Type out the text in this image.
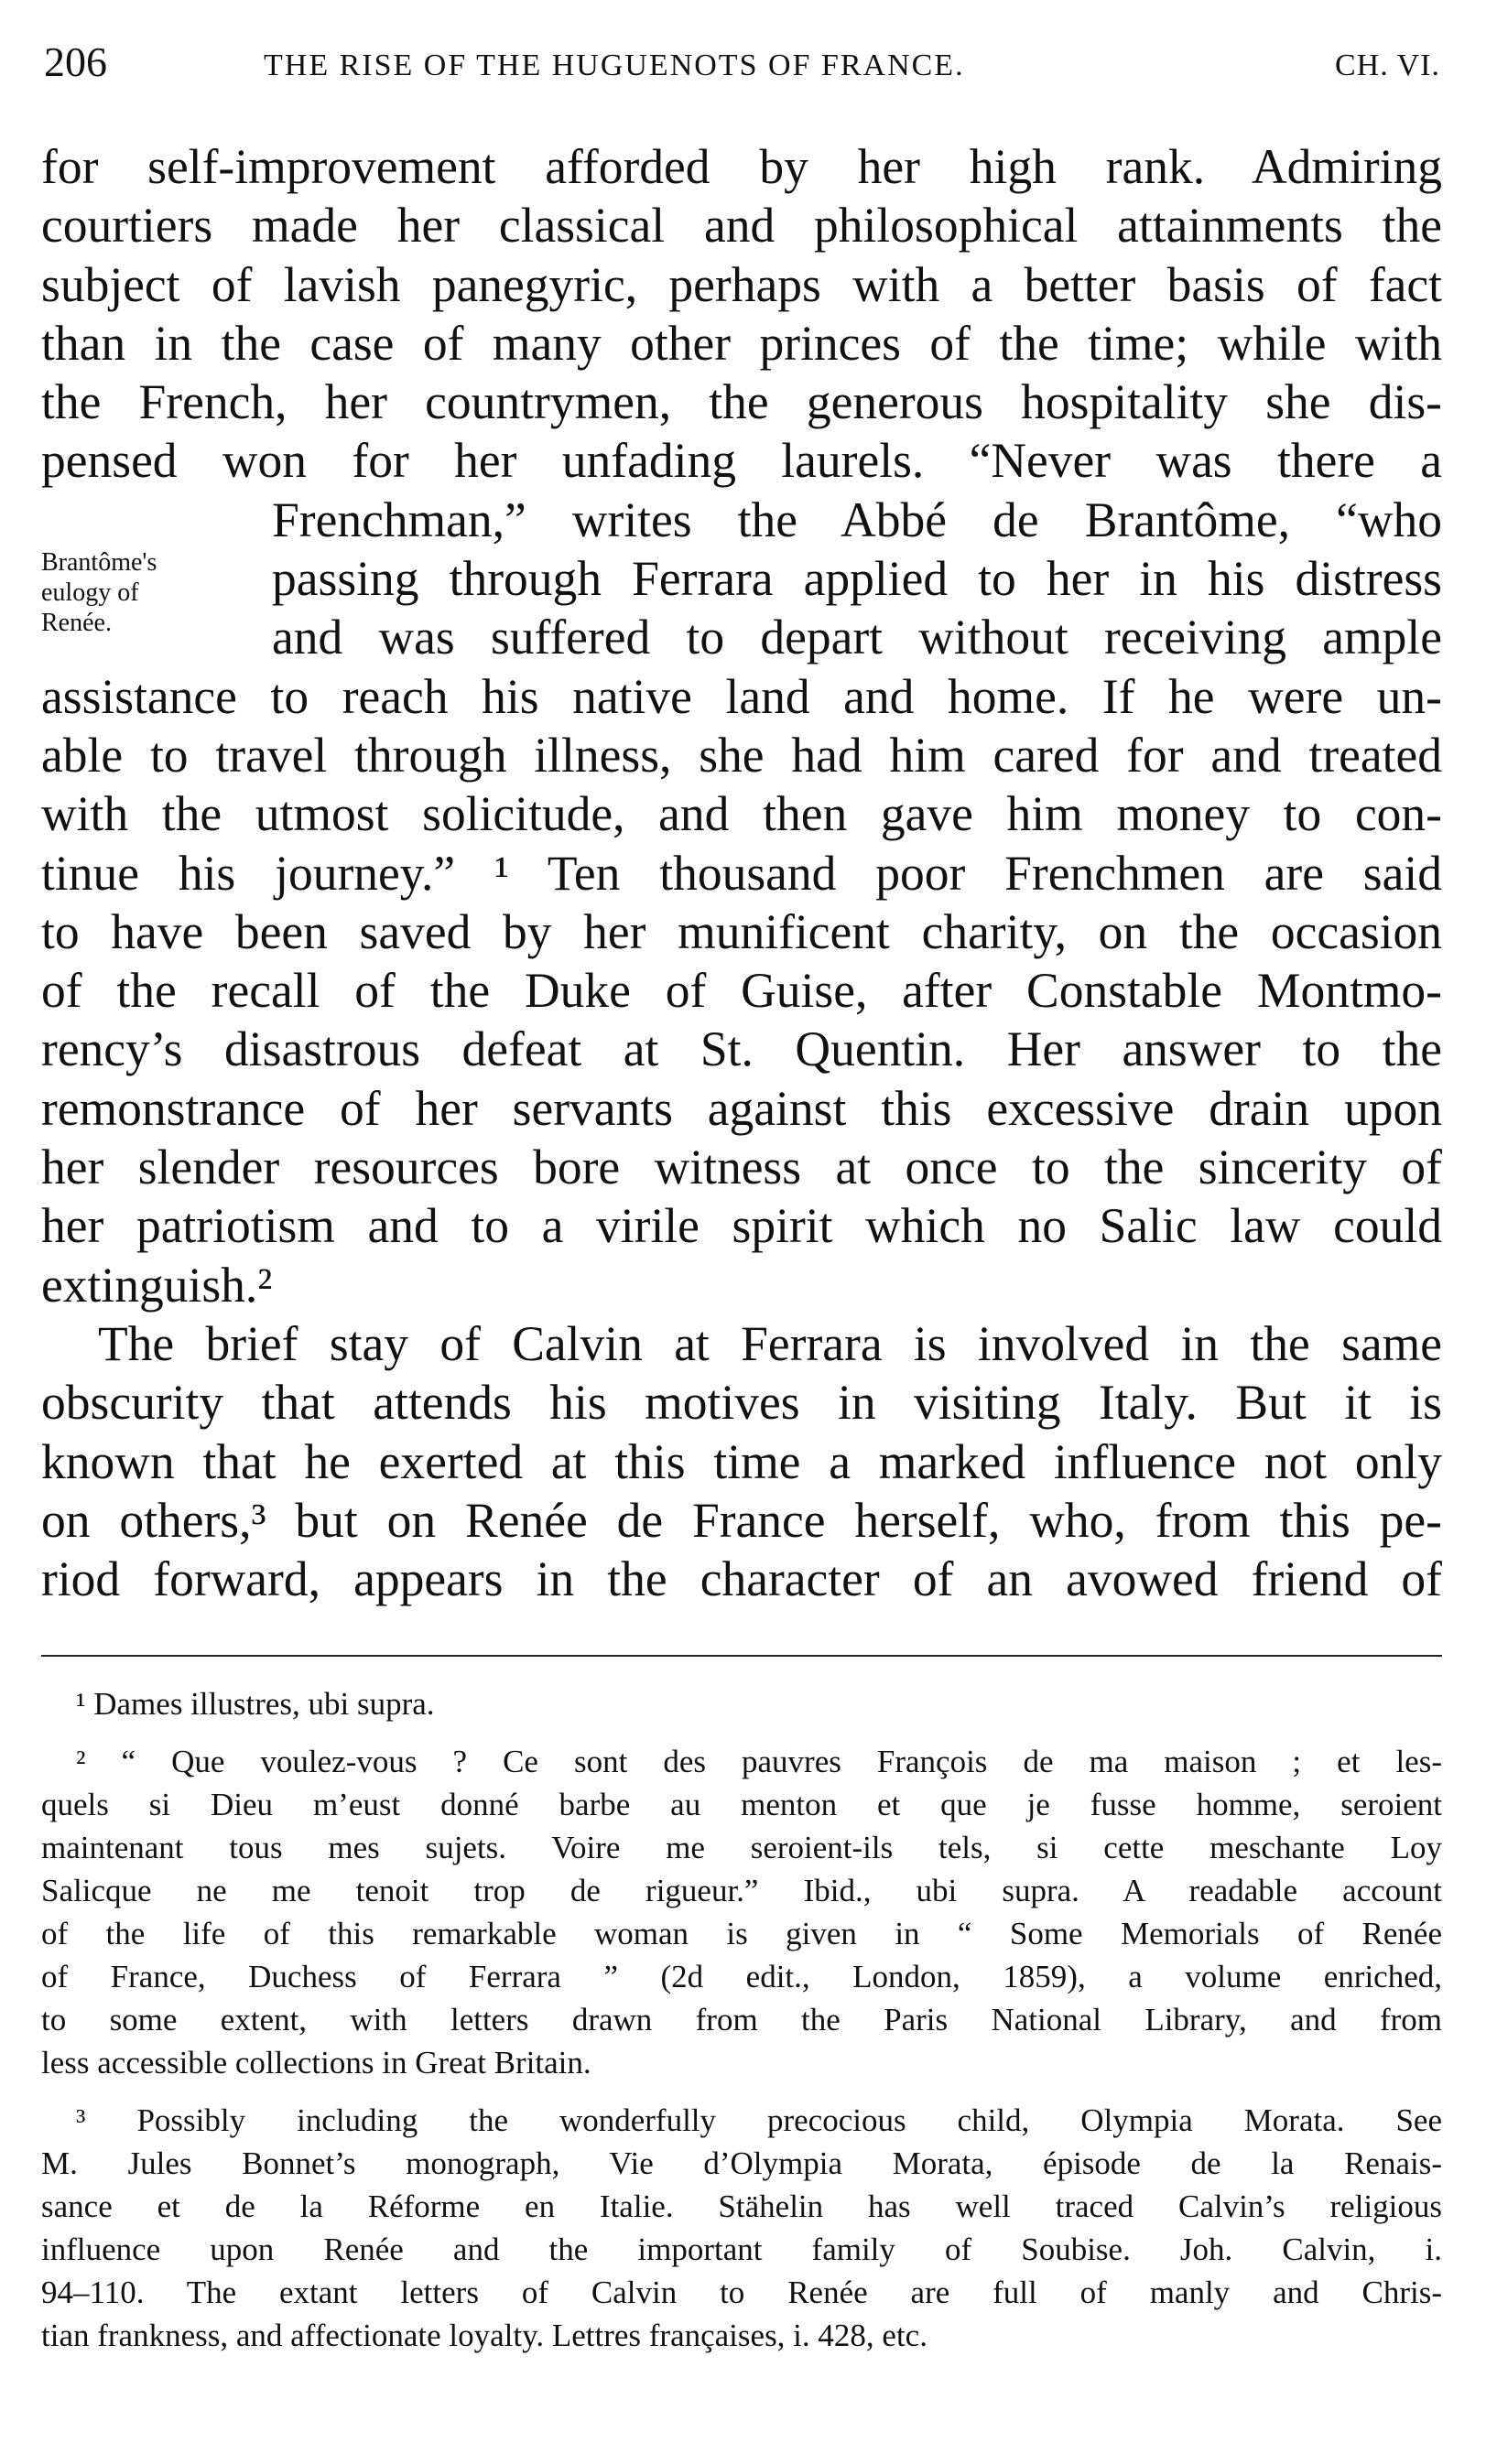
206	THE RISE OF THE HUGUENOTS OF FRANCE.	CH. VI.
Brantôme's
eulogy of
Renée.
for self-improvement afforded by her high rank. Admiring
courtiers made her classical and philosophical attainments the
subject of lavish panegyric, perhaps with a better basis of fact
than in the case of many other princes of the time; while with
the French, her countrymen, the generous hospitality she dis-
pensed won for her unfading laurels. “Never was there a
Frenchman,” writes the Abbé de Brantôme, “who
passing through Ferrara applied to her in his distress
and was suffered to depart without receiving ample
assistance to reach his native land and home. If he were un-
able to travel through illness, she had him cared for and treated
with the utmost solicitude, and then gave him money to con-
tinue his journey.” ¹ Ten thousand poor Frenchmen are said
to have been saved by her munificent charity, on the occasion
of the recall of the Duke of Guise, after Constable Montmo-
rency’s disastrous defeat at St. Quentin. Her answer to the
remonstrance of her servants against this excessive drain upon
her slender resources bore witness at once to the sincerity of
her patriotism and to a virile spirit which no Salic law could
extinguish.²
The brief stay of Calvin at Ferrara is involved in the same
obscurity that attends his motives in visiting Italy. But it is
known that he exerted at this time a marked influence not only
on others,³ but on Renée de France herself, who, from this pe-
riod forward, appears in the character of an avowed friend of
¹ Dames illustres, ubi supra.
² “ Que voulez-vous ? Ce sont des pauvres François de ma maison ; et les-
quels si Dieu m’eust donné barbe au menton et que je fusse homme, seroient
maintenant tous mes sujets. Voire me seroient-ils tels, si cette meschante Loy
Salicque ne me tenoit trop de rigueur.” Ibid., ubi supra. A readable account
of the life of this remarkable woman is given in “ Some Memorials of Renée
of France, Duchess of Ferrara ” (2d edit., London, 1859), a volume enriched,
to some extent, with letters drawn from the Paris National Library, and from
less accessible collections in Great Britain.
³ Possibly including the wonderfully precocious child, Olympia Morata. See
M. Jules Bonnet’s monograph, Vie d’Olympia Morata, épisode de la Renais-
sance et de la Réforme en Italie. Stähelin has well traced Calvin’s religious
influence upon Renée and the important family of Soubise. Joh. Calvin, i.
94–110. The extant letters of Calvin to Renée are full of manly and Chris-
tian frankness, and affectionate loyalty. Lettres françaises, i. 428, etc.
